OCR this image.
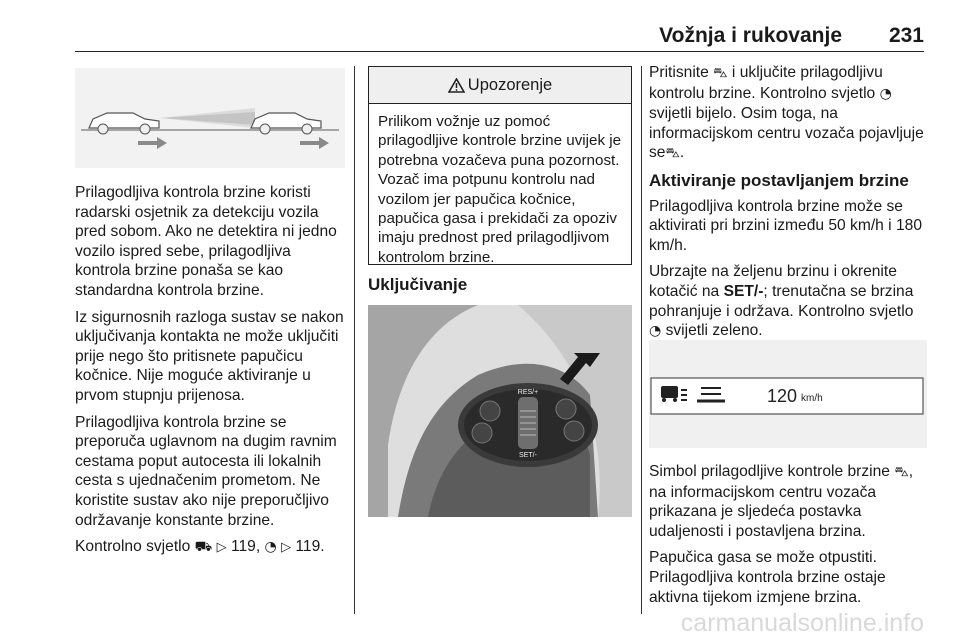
Vožnja i rukovanje 231

Prilagodljiva kontrola brzine koristi radarski osjetnik za detekciju vozila pred sobom. Ako ne detektira ni jedno vozilo ispred sebe, prilagodljiva kontrola brzine ponaša se kao standardna kontrola brzine.

Iz sigurnosnih razloga sustav se nakon uključivanja kontakta ne može uključiti prije nego što pritisnete papučicu kočnice. Nije moguće aktiviranje u prvom stupnju prijenosa.

Prilagodljiva kontrola brzine se preporuča uglavnom na dugim ravnim cestama poput autocesta ili lokalnih cesta s ujednačenim prometom. Ne koristite sustav ako nije preporučljivo održavanje konstante brzine.

Kontrolno svjetlo ⛟ ▷ 119, ◔ ▷ 119.

Upozorenje
Prilikom vožnje uz pomoć prilagodljive kontrole brzine uvijek je potrebna vozačeva puna pozornost. Vozač ima potpunu kontrolu nad vozilom jer papučica kočnice, papučica gasa i prekidači za opoziv imaju prednost pred prilagodljivom kontrolom brzine.
Uključivanje
RES/+
SET/-

Pritisnite ⛍ i uključite prilagodljivu kontrolu brzine. Kontrolno svjetlo ◔ svijetli bijelo. Osim toga, na informacijskom centru vozača pojavljuje se⛍.

Aktiviranje postavljanjem brzine

Prilagodljiva kontrola brzine može se aktivirati pri brzini između 50 km/h i 180 km/h.

Ubrzajte na željenu brzinu i okrenite kotačić na SET/-; trenutačna se brzina pohranjuje i održava. Kontrolno svjetlo ◔ svijetli zeleno.

120 km/h

Simbol prilagodljive kontrole brzine ⛍, na informacijskom centru vozača prikazana je sljedeća postavka udaljenosti i postavljena brzina.

Papučica gasa se može otpustiti. Prilagodljiva kontrola brzine ostaje aktivna tijekom izmjene brzina.

carmanualsonline.info
